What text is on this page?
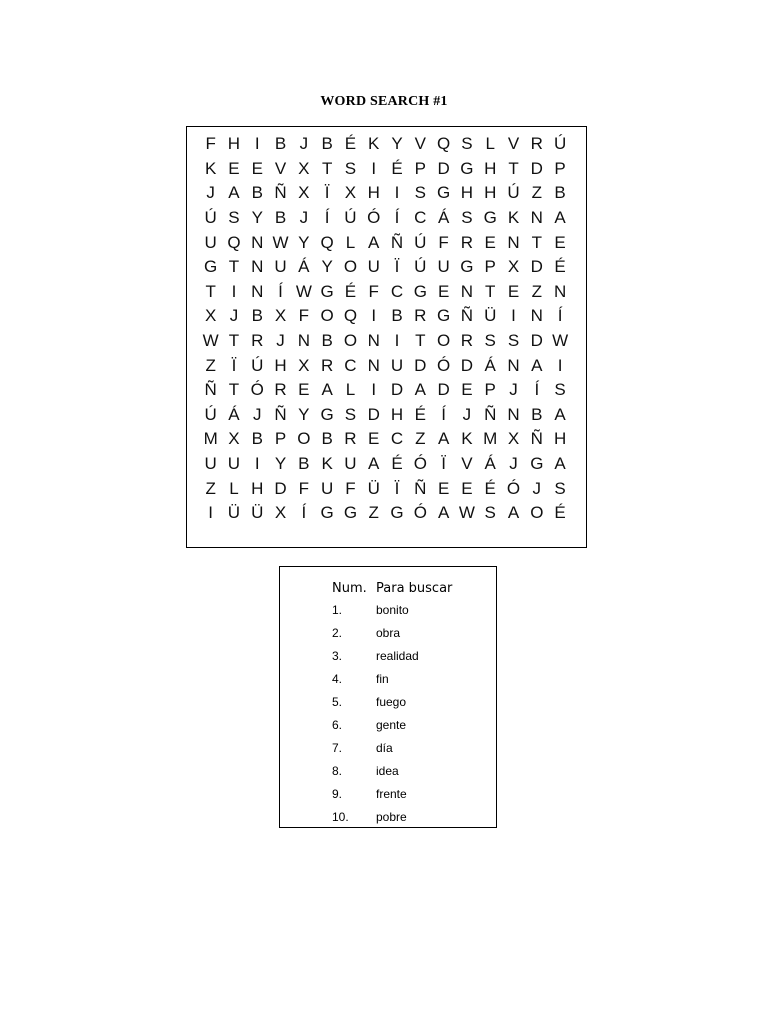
WORD SEARCH #1
F H I B J B É K Y V Q S L V R Ú
K E E V X T S I É P D G H T D P
J A B Ñ X Ï X H I S G H H Ú Z B
Ú S Y B J Í Ú Ó Í C Á S G K N A
U Q N W Y Q L A Ñ Ú F R E N T E
G T N U Á Y O U Ï Ú U G P X D É
T I N Í W G É F C G E N T E Z N
X J B X F O Q I B R G Ñ Ü I N Í
W T R J N B O N I T O R S S D W
Z Ï Ú H X R C N U D Ó D Á N A I
Ñ T Ó R E A L I D A D E P J Í S
Ú Á J Ñ Y G S D H É Í J Ñ N B A
M X B P O B R E C Z A K M X Ñ H
U U I Y B K U A É Ó Ï V Á J G A
Z L H D F U F Ü Ï Ñ E E É Ó J S
I Ü Ü X Í G G Z G Ó A W S A O É
Num. Para buscar
1.	bonito
2.	obra
3.	realidad
4.	fin
5.	fuego
6.	gente
7.	día
8.	idea
9.	frente
10. pobre
